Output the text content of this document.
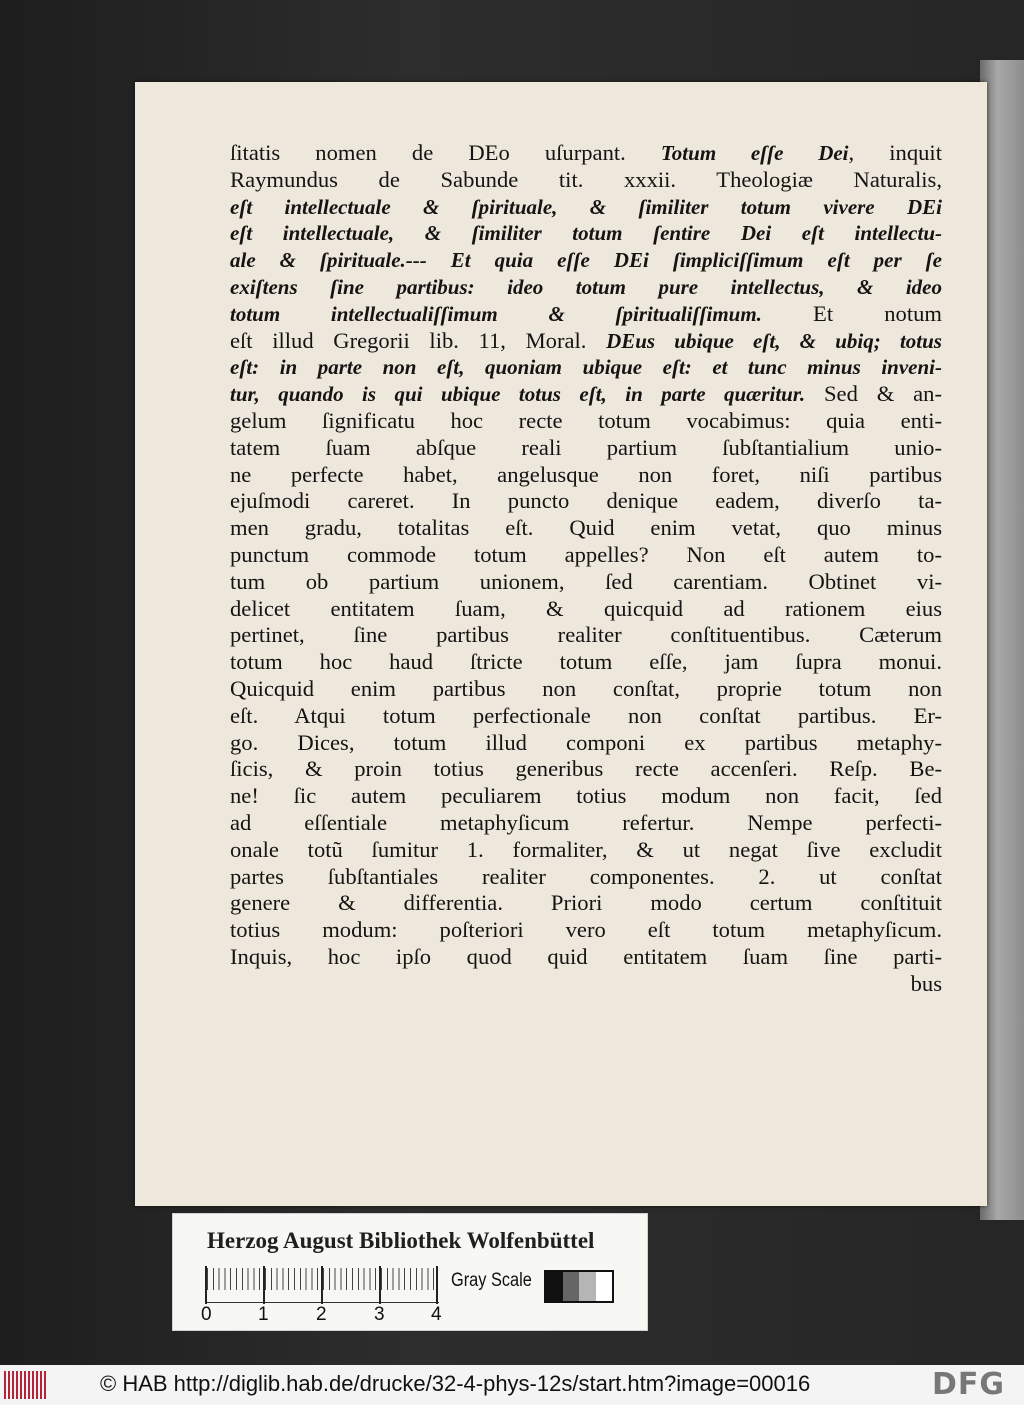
ſitatis nomen de DEo uſurpant. Totum eſſe Dei, inquit
Raymundus de Sabunde tit. xxxii. Theologiæ Naturalis,
eſt intellectuale & ſpirituale, & ſimiliter totum vivere DEi
eſt intellectuale, & ſimiliter totum ſentire Dei eſt intellectu-
ale & ſpirituale.--- Et quia eſſe DEi ſimpliciſſimum eſt per ſe
exiſtens ſine partibus: ideo totum pure intellectus, & ideo
totum intellectualiſſimum & ſpiritualiſſimum. Et notum
eſt illud Gregorii lib. 11, Moral. DEus ubique eſt, & ubiq; totus
eſt: in parte non eſt, quoniam ubique eſt: et tunc minus inveni-
tur, quando is qui ubique totus eſt, in parte quæritur. Sed & an-
gelum ſignificatu hoc recte totum vocabimus: quia enti-
tatem ſuam abſque reali partium ſubſtantialium unio-
ne perfecte habet, angelusque non foret, niſi partibus
ejuſmodi careret. In puncto denique eadem, diverſo ta-
men gradu, totalitas eſt. Quid enim vetat, quo minus
punctum commode totum appelles? Non eſt autem to-
tum ob partium unionem, ſed carentiam. Obtinet vi-
delicet entitatem ſuam, & quicquid ad rationem eius
pertinet, ſine partibus realiter conſtituentibus. Cæterum
totum hoc haud ſtricte totum eſſe, jam ſupra monui.
Quicquid enim partibus non conſtat, proprie totum non
eſt. Atqui totum perfectionale non conſtat partibus. Er-
go. Dices, totum illud componi ex partibus metaphy-
ſicis, & proin totius generibus recte accenſeri. Reſp. Be-
ne! ſic autem peculiarem totius modum non facit, ſed
ad eſſentiale metaphyſicum refertur. Nempe perfecti-
onale totũ ſumitur 1. formaliter, & ut negat ſive excludit
partes ſubſtantiales realiter componentes. 2. ut conſtat
genere & differentia. Priori modo certum conſtituit
totius modum: poſteriori vero eſt totum metaphyſicum.
Inquis, hoc ipſo quod quid entitatem ſuam ſine parti-
bus
Herzog August Bibliothek Wolfenbüttel
0 1 2 3 4
Gray Scale
© HAB http://diglib.hab.de/drucke/32-4-phys-12s/start.htm?image=00016	DFG
